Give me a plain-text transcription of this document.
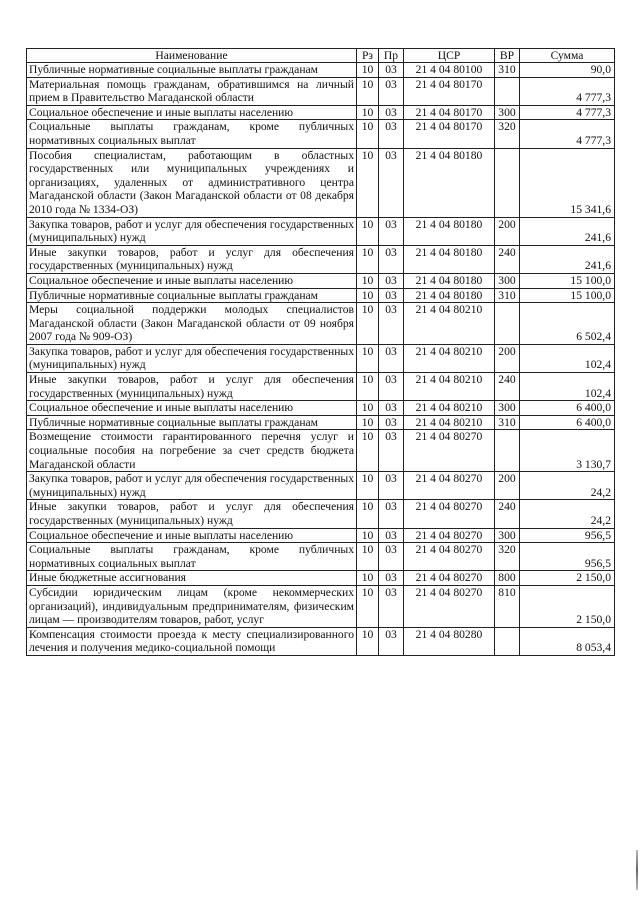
Наименование	Рз	Пр	ЦСР	ВР	Сумма
Публичные нормативные социальные выплаты гражданам	10	03	21 4 04 80100	310	90,0
Материальная помощь гражданам, обратившимся на личный прием в Правительство Магаданской области	10	03	21 4 04 80170		4 777,3
Социальное обеспечение и иные выплаты населению	10	03	21 4 04 80170	300	4 777,3
Социальные выплаты гражданам, кроме публичных нормативных социальных выплат	10	03	21 4 04 80170	320	4 777,3
Пособия специалистам, работающим в областных государственных или муниципальных учреждениях и организациях, удаленных от административного центра Магаданской области (Закон Магаданской области от 08 декабря 2010 года № 1334-ОЗ)	10	03	21 4 04 80180		15 341,6
Закупка товаров, работ и услуг для обеспечения государственных (муниципальных) нужд	10	03	21 4 04 80180	200	241,6
Иные закупки товаров, работ и услуг для обеспечения государственных (муниципальных) нужд	10	03	21 4 04 80180	240	241,6
Социальное обеспечение и иные выплаты населению	10	03	21 4 04 80180	300	15 100,0
Публичные нормативные социальные выплаты гражданам	10	03	21 4 04 80180	310	15 100,0
Меры социальной поддержки молодых специалистов Магаданской области (Закон Магаданской области от 09 ноября 2007 года № 909-ОЗ)	10	03	21 4 04 80210		6 502,4
Закупка товаров, работ и услуг для обеспечения государственных (муниципальных) нужд	10	03	21 4 04 80210	200	102,4
Иные закупки товаров, работ и услуг для обеспечения государственных (муниципальных) нужд	10	03	21 4 04 80210	240	102,4
Социальное обеспечение и иные выплаты населению	10	03	21 4 04 80210	300	6 400,0
Публичные нормативные социальные выплаты гражданам	10	03	21 4 04 80210	310	6 400,0
Возмещение стоимости гарантированного перечня услуг и социальные пособия на погребение за счет средств бюджета Магаданской области	10	03	21 4 04 80270		3 130,7
Закупка товаров, работ и услуг для обеспечения государственных (муниципальных) нужд	10	03	21 4 04 80270	200	24,2
Иные закупки товаров, работ и услуг для обеспечения государственных (муниципальных) нужд	10	03	21 4 04 80270	240	24,2
Социальное обеспечение и иные выплаты населению	10	03	21 4 04 80270	300	956,5
Социальные выплаты гражданам, кроме публичных нормативных социальных выплат	10	03	21 4 04 80270	320	956,5
Иные бюджетные ассигнования	10	03	21 4 04 80270	800	2 150,0
Субсидии юридическим лицам (кроме некоммерческих организаций), индивидуальным предпринимателям, физическим лицам — производителям товаров, работ, услуг	10	03	21 4 04 80270	810	2 150,0
Компенсация стоимости проезда к месту специализированного лечения и получения медико-социальной помощи	10	03	21 4 04 80280		8 053,4
